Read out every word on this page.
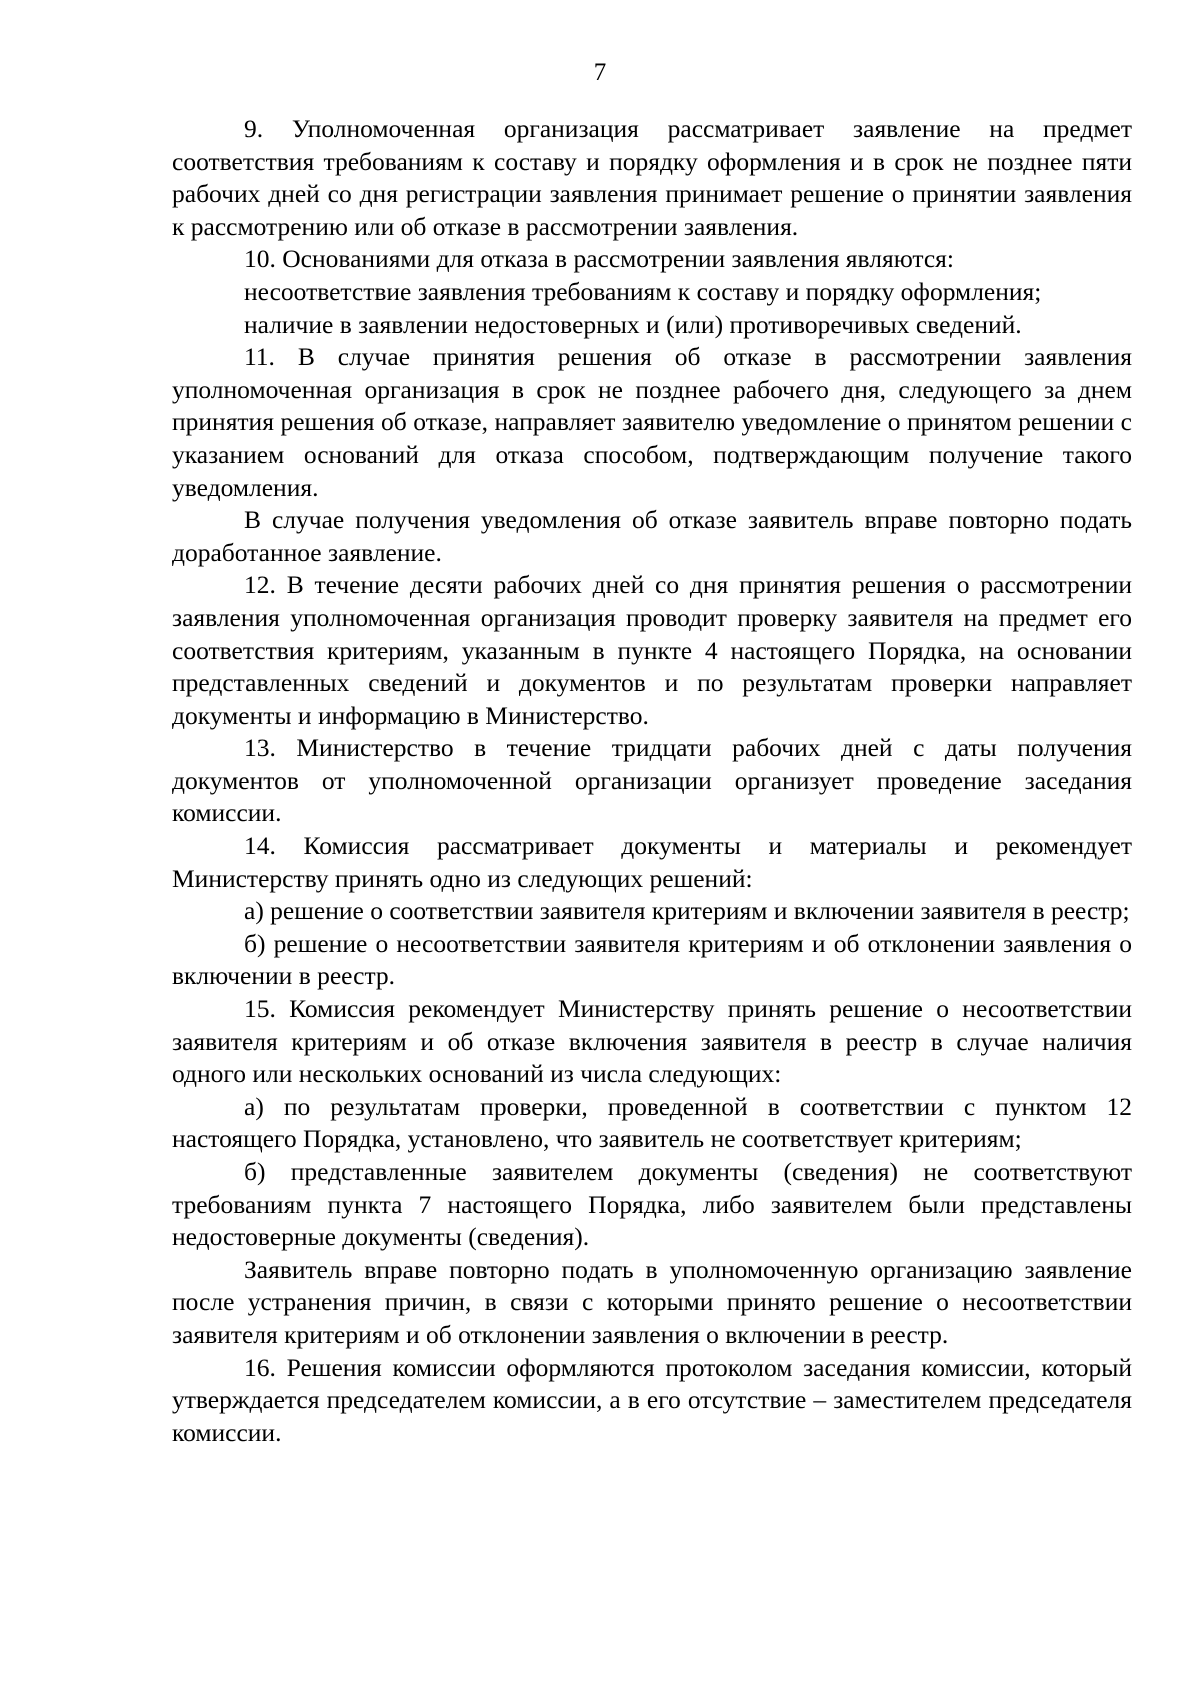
7

9. Уполномоченная организация рассматривает заявление на предмет соответствия требованиям к составу и порядку оформления и в срок не позднее пяти рабочих дней со дня регистрации заявления принимает решение о принятии заявления к рассмотрению или об отказе в рассмотрении заявления.

10. Основаниями для отказа в рассмотрении заявления являются:

несоответствие заявления требованиям к составу и порядку оформления;

наличие в заявлении недостоверных и (или) противоречивых сведений.

11. В случае принятия решения об отказе в рассмотрении заявления уполномоченная организация в срок не позднее рабочего дня, следующего за днем принятия решения об отказе, направляет заявителю уведомление о принятом решении с указанием оснований для отказа способом, подтверждающим получение такого уведомления.

В случае получения уведомления об отказе заявитель вправе повторно подать доработанное заявление.

12. В течение десяти рабочих дней со дня принятия решения о рассмотрении заявления уполномоченная организация проводит проверку заявителя на предмет его соответствия критериям, указанным в пункте 4 настоящего Порядка, на основании представленных сведений и документов и по результатам проверки направляет документы и информацию в Министерство.

13. Министерство в течение тридцати рабочих дней с даты получения документов от уполномоченной организации организует проведение заседания комиссии.

14. Комиссия рассматривает документы и материалы и рекомендует Министерству принять одно из следующих решений:

а) решение о соответствии заявителя критериям и включении заявителя в реестр;

б) решение о несоответствии заявителя критериям и об отклонении заявления о включении в реестр.

15. Комиссия рекомендует Министерству принять решение о несоответствии заявителя критериям и об отказе включения заявителя в реестр в случае наличия одного или нескольких оснований из числа следующих:

а) по результатам проверки, проведенной в соответствии с пунктом 12 настоящего Порядка, установлено, что заявитель не соответствует критериям;

б) представленные заявителем документы (сведения) не соответствуют требованиям пункта 7 настоящего Порядка, либо заявителем были представлены недостоверные документы (сведения).

Заявитель вправе повторно подать в уполномоченную организацию заявление после устранения причин, в связи с которыми принято решение о несоответствии заявителя критериям и об отклонении заявления о включении в реестр.

16. Решения комиссии оформляются протоколом заседания комиссии, который утверждается председателем комиссии, а в его отсутствие – заместителем председателя комиссии.
